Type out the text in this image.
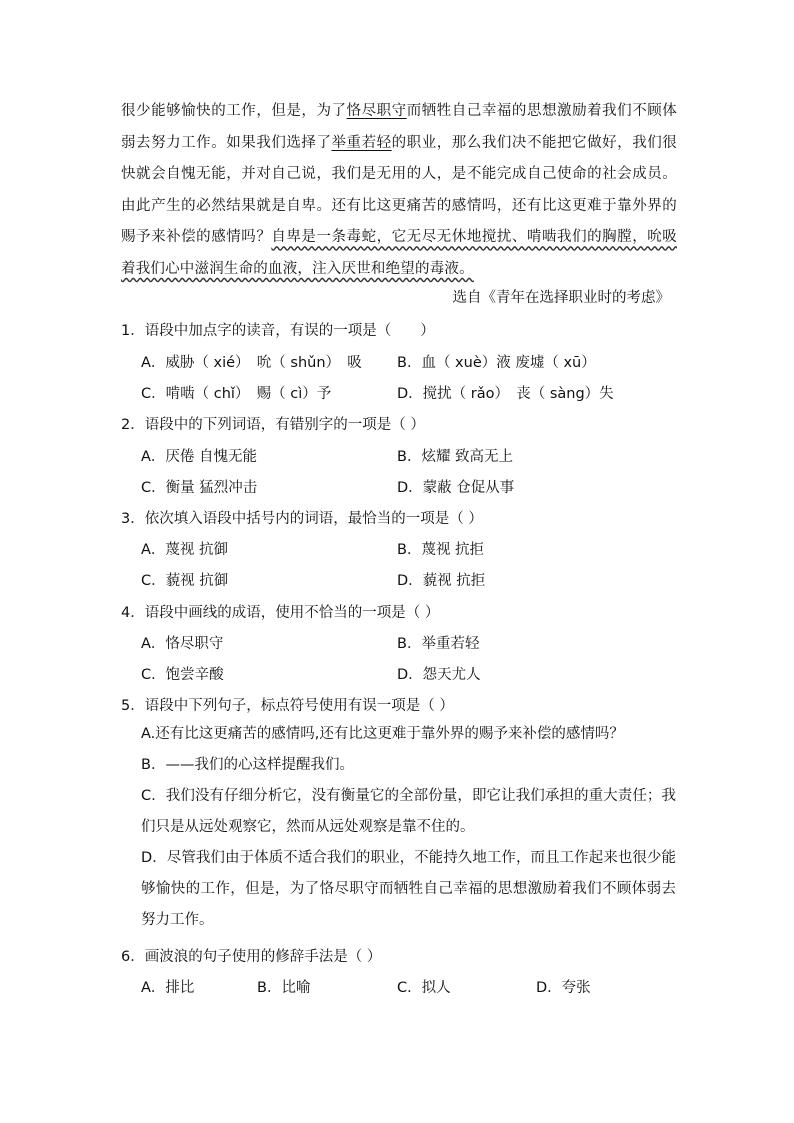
很少能够愉快的工作，但是，为了恪尽职守而牺牲自己幸福的思想激励着我们不顾体弱去努力工作。如果我们选择了举重若轻的职业，那么我们决不能把它做好，我们很快就会自愧无能，并对自己说，我们是无用的人，是不能完成自己使命的社会成员。由此产生的必然结果就是自卑。还有比这更痛苦的感情吗，还有比这更难于靠外界的赐予来补偿的感情吗？自卑是一条毒蛇，它无尽无休地搅扰、啃啮我们的胸膛，吮吸着我们心中滋润生命的血液，注入厌世和绝望的毒液。
选自《青年在选择职业时的考虑》
1．语段中加点字的读音，有误的一项是（　　）
A．威胁（ xié）　吮（ shǔn）　吸 B．血（ xuè）液 废墟（ xū）
C．啃啮（ chǐ）　赐（ cì）予	D．搅扰（ rǎo）　丧（ sàng）失
2．语段中的下列词语，有错别字的一项是（ ）
A．厌倦 自愧无能	B．炫耀 致高无上
C．衡量 猛烈冲击	D．蒙蔽 仓促从事
3．依次填入语段中括号内的词语，最恰当的一项是（ ）
A．蔑视 抗御	B．蔑视 抗拒
C．藐视 抗御	D．藐视 抗拒
4．语段中画线的成语，使用不恰当的一项是（ ）
A．恪尽职守	B．举重若轻
C．饱尝辛酸	D．怨天尤人
5．语段中下列句子，标点符号使用有误一项是（ ）
A.还有比这更痛苦的感情吗,还有比这更难于靠外界的赐予来补偿的感情吗？
B．——我们的心这样提醒我们。
C．我们没有仔细分析它，没有衡量它的全部份量，即它让我们承担的重大责任；我们只是从远处观察它，然而从远处观察是靠不住的。
D．尽管我们由于体质不适合我们的职业，不能持久地工作，而且工作起来也很少能够愉快的工作，但是，为了恪尽职守而牺牲自己幸福的思想激励着我们不顾体弱去努力工作。
6．画波浪的句子使用的修辞手法是（ ）
A．排比	B．比喻	C．拟人	D．夸张
